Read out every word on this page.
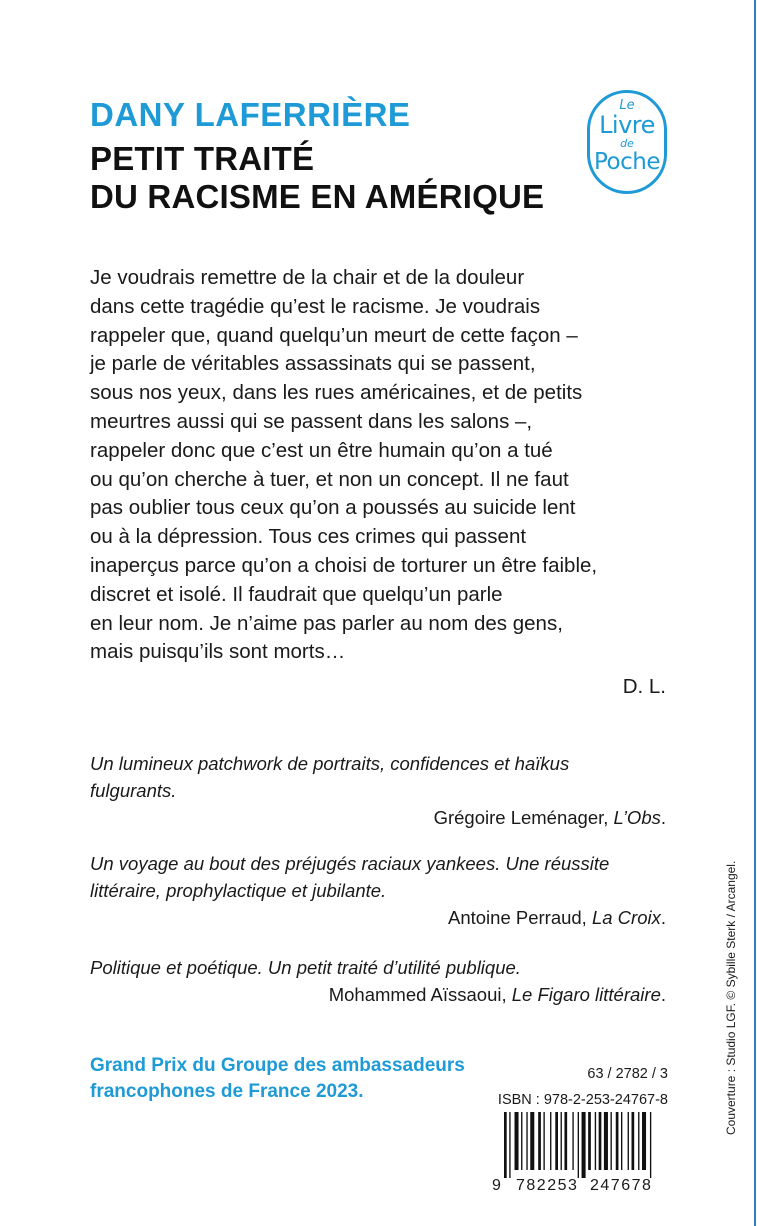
DANY LAFERRIÈRE
PETIT TRAITÉ
DU RACISME EN AMÉRIQUE
Le
Livre
de
Poche
Je voudrais remettre de la chair et de la douleur
dans cette tragédie qu’est le racisme. Je voudrais
rappeler que, quand quelqu’un meurt de cette façon –
je parle de véritables assassinats qui se passent,
sous nos yeux, dans les rues américaines, et de petits
meurtres aussi qui se passent dans les salons –,
rappeler donc que c’est un être humain qu’on a tué
ou qu’on cherche à tuer, et non un concept. Il ne faut
pas oublier tous ceux qu’on a poussés au suicide lent
ou à la dépression. Tous ces crimes qui passent
inaperçus parce qu’on a choisi de torturer un être faible,
discret et isolé. Il faudrait que quelqu’un parle
en leur nom. Je n’aime pas parler au nom des gens,
mais puisqu’ils sont morts…
D. L.
Un lumineux patchwork de portraits, confidences et haïkus
fulgurants.
Grégoire Leménager, L’Obs.
Un voyage au bout des préjugés raciaux yankees. Une réussite
littéraire, prophylactique et jubilante.
Antoine Perraud, La Croix.
Politique et poétique. Un petit traité d’utilité publique.
Mohammed Aïssaoui, Le Figaro littéraire.
Grand Prix du Groupe des ambassadeurs
francophones de France 2023.
63 / 2782 / 3
ISBN : 978-2-253-24767-8
9 782253 247678
Couverture : Studio LGF. © Sybille Sterk / Arcangel.
